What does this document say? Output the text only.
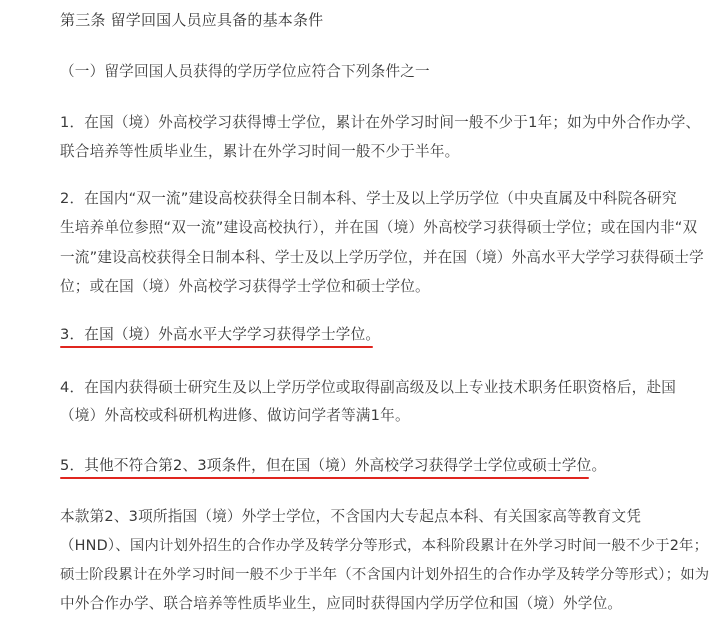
第三条 留学回国人员应具备的基本条件
（一）留学回国人员获得的学历学位应符合下列条件之一
1．在国（境）外高校学习获得博士学位，累计在外学习时间一般不少于1年；如为中外合作办学、
联合培养等性质毕业生，累计在外学习时间一般不少于半年。
2．在国内“双一流”建设高校获得全日制本科、学士及以上学历学位（中央直属及中科院各研究
生培养单位参照“双一流”建设高校执行），并在国（境）外高校学习获得硕士学位；或在国内非“双
一流”建设高校获得全日制本科、学士及以上学历学位，并在国（境）外高水平大学学习获得硕士学
位；或在国（境）外高校学习获得学士学位和硕士学位。
3．在国（境）外高水平大学学习获得学士学位。
4．在国内获得硕士研究生及以上学历学位或取得副高级及以上专业技术职务任职资格后，赴国
（境）外高校或科研机构进修、做访问学者等满1年。
5．其他不符合第2、3项条件，但在国（境）外高校学习获得学士学位或硕士学位。
本款第2、3项所指国（境）外学士学位，不含国内大专起点本科、有关国家高等教育文凭
（HND）、国内计划外招生的合作办学及转学分等形式，本科阶段累计在外学习时间一般不少于2年；
硕士阶段累计在外学习时间一般不少于半年（不含国内计划外招生的合作办学及转学分等形式）；如为
中外合作办学、联合培养等性质毕业生，应同时获得国内学历学位和国（境）外学位。
